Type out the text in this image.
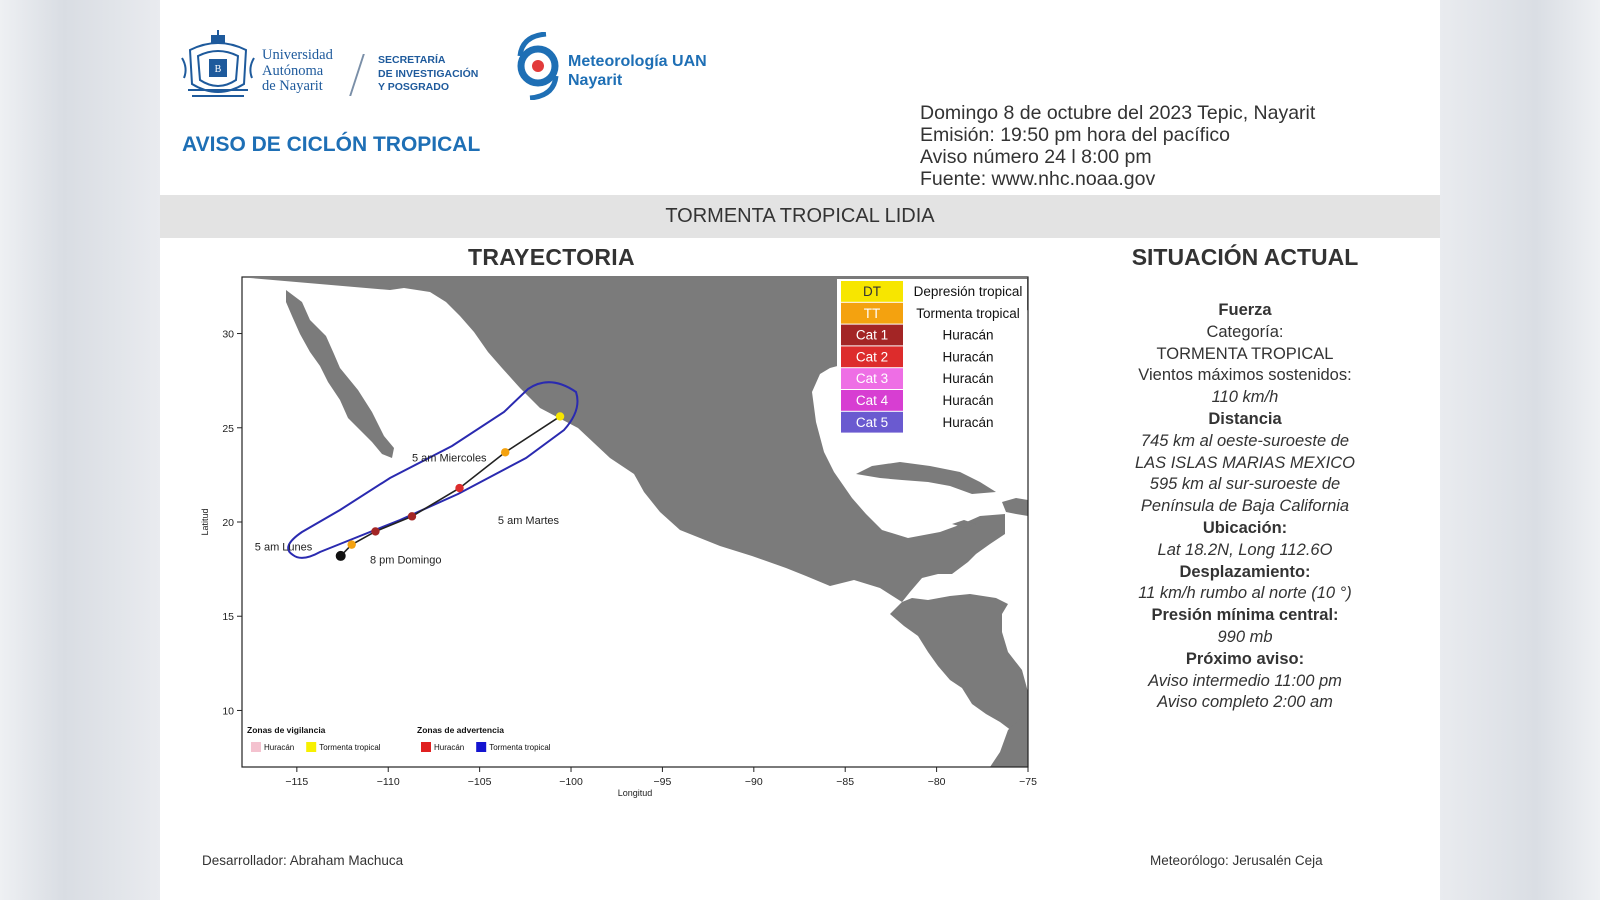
B
Universidad
Autónoma
de Nayarit
SECRETARÍA
DE INVESTIGACIÓN
Y POSGRADO
Meteorología UAN
Nayarit
AVISO DE CICLÓN TROPICAL
Domingo 8 de octubre del 2023 Tepic, Nayarit
Emisión: 19:50 pm hora del pacífico
Aviso número 24 l 8:00 pm
Fuente: www.nhc.noaa.gov
TORMENTA TROPICAL LIDIA
TRAYECTORIA	SITUACIÓN ACTUAL
−115	−110	−105	−100	−95	−90	−85	−80	−75
10
15
20
25
30
5 am Lunes
8 pm Domingo
5 am Martes
5 am Miercoles
DT Depresión tropical
TT	Tormenta tropical
Cat 1	Huracán
Cat 2	Huracán
Cat 3	Huracán
Cat 4	Huracán
Cat 5	Huracán
Zonas de vigilancia
Huracán	Tormenta tropical
Zonas de advertencia
Huracán	Tormenta tropical
Latitud
Longitud
Fuerza
Categoría:
TORMENTA TROPICAL
Vientos máximos sostenidos:
110 km/h
Distancia
745 km al oeste-suroeste de
LAS ISLAS MARIAS MEXICO
595 km al sur-suroeste de
Península de Baja California
Ubicación:
Lat 18.2N, Long 112.6O
Desplazamiento:
11 km/h rumbo al norte (10 °)
Presión mínima central:
990 mb
Próximo aviso:
Aviso intermedio 11:00 pm
Aviso completo 2:00 am
Desarrollador: Abraham Machuca	Meteorólogo: Jerusalén Ceja
